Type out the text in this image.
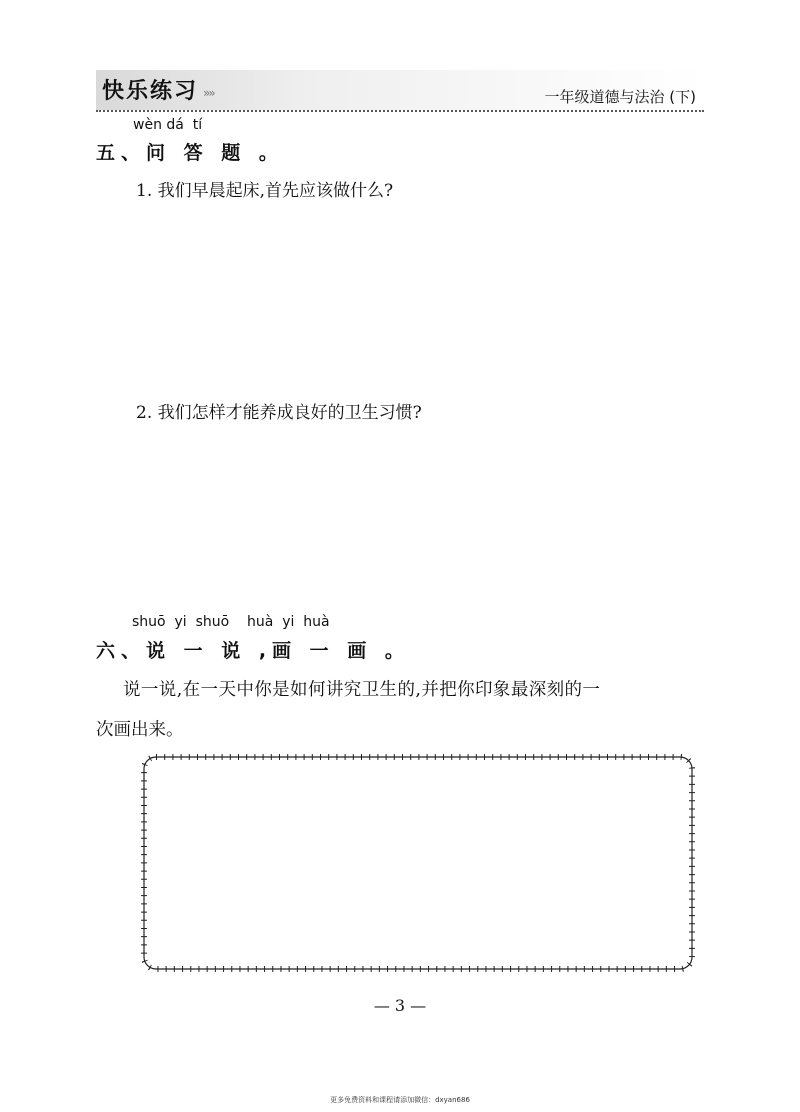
快乐练习 »»	一年级道德与法治 (下)
wèn dá  tí
五、问 答 题 。
1. 我们早晨起床,首先应该做什么?
2. 我们怎样才能养成良好的卫生习惯?
shuō  yi  shuō    huà  yi  huà
六、说 一 说 ,画 一 画 。
说一说,在一天中你是如何讲究卫生的,并把你印象最深刻的一
次画出来。
— 3 —
更多免费资料和课程请添加微信：dxyan686
